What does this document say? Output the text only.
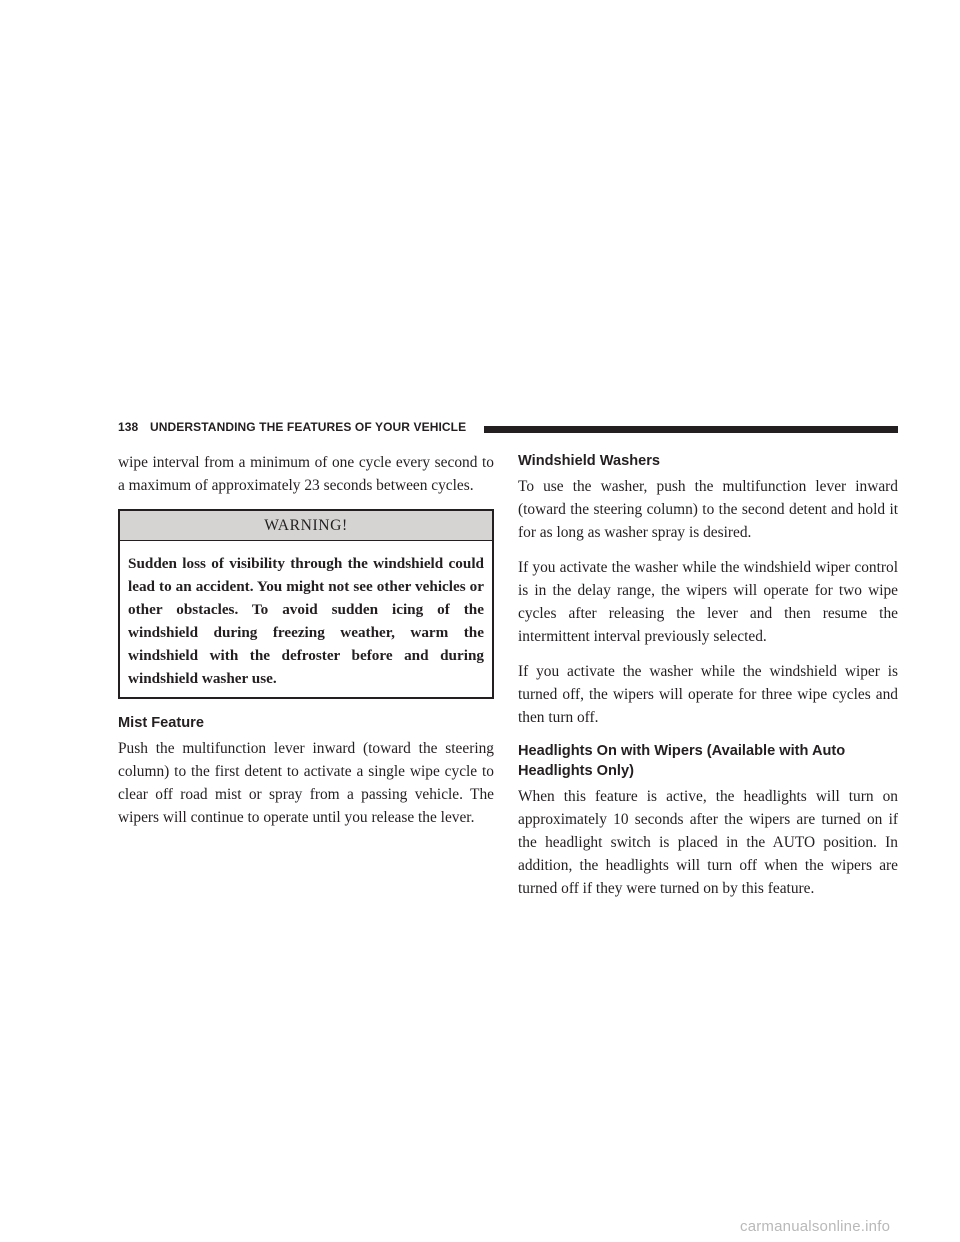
138 UNDERSTANDING THE FEATURES OF YOUR VEHICLE

wipe interval from a minimum of one cycle every second to a maximum of approximately 23 seconds between cycles.

WARNING!
Sudden loss of visibility through the windshield could lead to an accident. You might not see other vehicles or other obstacles. To avoid sudden icing of the windshield during freezing weather, warm the windshield with the defroster before and during windshield washer use.
Mist Feature

Push the multifunction lever inward (toward the steering column) to the first detent to activate a single wipe cycle to clear off road mist or spray from a passing vehicle. The wipers will continue to operate until you release the lever.

Windshield Washers

To use the washer, push the multifunction lever inward (toward the steering column) to the second detent and hold it for as long as washer spray is desired.

If you activate the washer while the windshield wiper control is in the delay range, the wipers will operate for two wipe cycles after releasing the lever and then resume the intermittent interval previously selected.

If you activate the washer while the windshield wiper is turned off, the wipers will operate for three wipe cycles and then turn off.

Headlights On with Wipers (Available with Auto Headlights Only)

When this feature is active, the headlights will turn on approximately 10 seconds after the wipers are turned on if the headlight switch is placed in the AUTO position. In addition, the headlights will turn off when the wipers are turned off if they were turned on by this feature.

carmanualsonline.info
